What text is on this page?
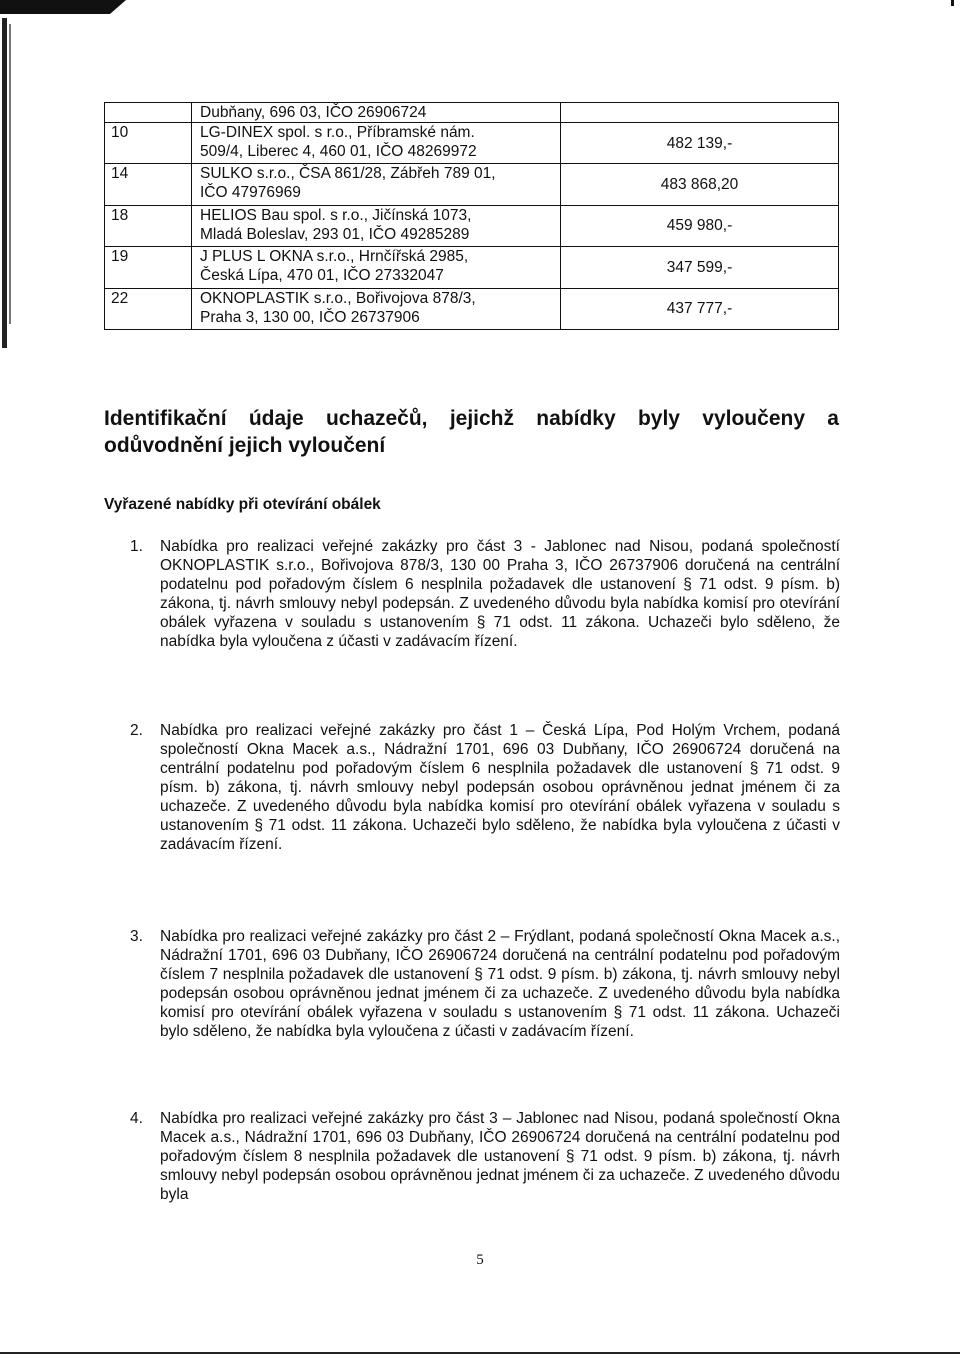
	Dubňany, 696 03, IČO 26906724	
10	LG-DINEX spol. s r.o., Příbramské nám.
509/4, Liberec 4, 460 01, IČO 48269972	482 139,-
14	SULKO s.r.o., ČSA 861/28, Zábřeh 789 01,
IČO 47976969	483 868,20
18	HELIOS Bau spol. s r.o., Jičínská 1073,
Mladá Boleslav, 293 01, IČO 49285289	459 980,-
19	J PLUS L OKNA s.r.o., Hrnčířská 2985,
Česká Lípa, 470 01, IČO 27332047	347 599,-
22	OKNOPLASTIK s.r.o., Bořivojova 878/3,
Praha 3, 130 00, IČO 26737906	437 777,-
Identifikační údaje uchazečů, jejichž nabídky byly vyloučeny a odůvodnění jejich vyloučení
Vyřazené nabídky při otevírání obálek
1. Nabídka pro realizaci veřejné zakázky pro část 3 - Jablonec nad Nisou, podaná společností OKNOPLASTIK s.r.o., Bořivojova 878/3, 130 00 Praha 3, IČO 26737906 doručená na centrální podatelnu pod pořadovým číslem 6 nesplnila požadavek dle ustanovení § 71 odst. 9 písm. b) zákona, tj. návrh smlouvy nebyl podepsán. Z uvedeného důvodu byla nabídka komisí pro otevírání obálek vyřazena v souladu s ustanovením § 71 odst. 11 zákona. Uchazeči bylo sděleno, že nabídka byla vyloučena z účasti v zadávacím řízení.
2. Nabídka pro realizaci veřejné zakázky pro část 1 – Česká Lípa, Pod Holým Vrchem, podaná společností Okna Macek a.s., Nádražní 1701, 696 03 Dubňany, IČO 26906724 doručená na centrální podatelnu pod pořadovým číslem 6 nesplnila požadavek dle ustanovení § 71 odst. 9 písm. b) zákona, tj. návrh smlouvy nebyl podepsán osobou oprávněnou jednat jménem či za uchazeče. Z uvedeného důvodu byla nabídka komisí pro otevírání obálek vyřazena v souladu s ustanovením § 71 odst. 11 zákona. Uchazeči bylo sděleno, že nabídka byla vyloučena z účasti v zadávacím řízení.
3. Nabídka pro realizaci veřejné zakázky pro část 2 – Frýdlant, podaná společností Okna Macek a.s., Nádražní 1701, 696 03 Dubňany, IČO 26906724 doručená na centrální podatelnu pod pořadovým číslem 7 nesplnila požadavek dle ustanovení § 71 odst. 9 písm. b) zákona, tj. návrh smlouvy nebyl podepsán osobou oprávněnou jednat jménem či za uchazeče. Z uvedeného důvodu byla nabídka komisí pro otevírání obálek vyřazena v souladu s ustanovením § 71 odst. 11 zákona. Uchazeči bylo sděleno, že nabídka byla vyloučena z účasti v zadávacím řízení.
4. Nabídka pro realizaci veřejné zakázky pro část 3 – Jablonec nad Nisou, podaná společností Okna Macek a.s., Nádražní 1701, 696 03 Dubňany, IČO 26906724 doručená na centrální podatelnu pod pořadovým číslem 8 nesplnila požadavek dle ustanovení § 71 odst. 9 písm. b) zákona, tj. návrh smlouvy nebyl podepsán osobou oprávněnou jednat jménem či za uchazeče. Z uvedeného důvodu byla
5
